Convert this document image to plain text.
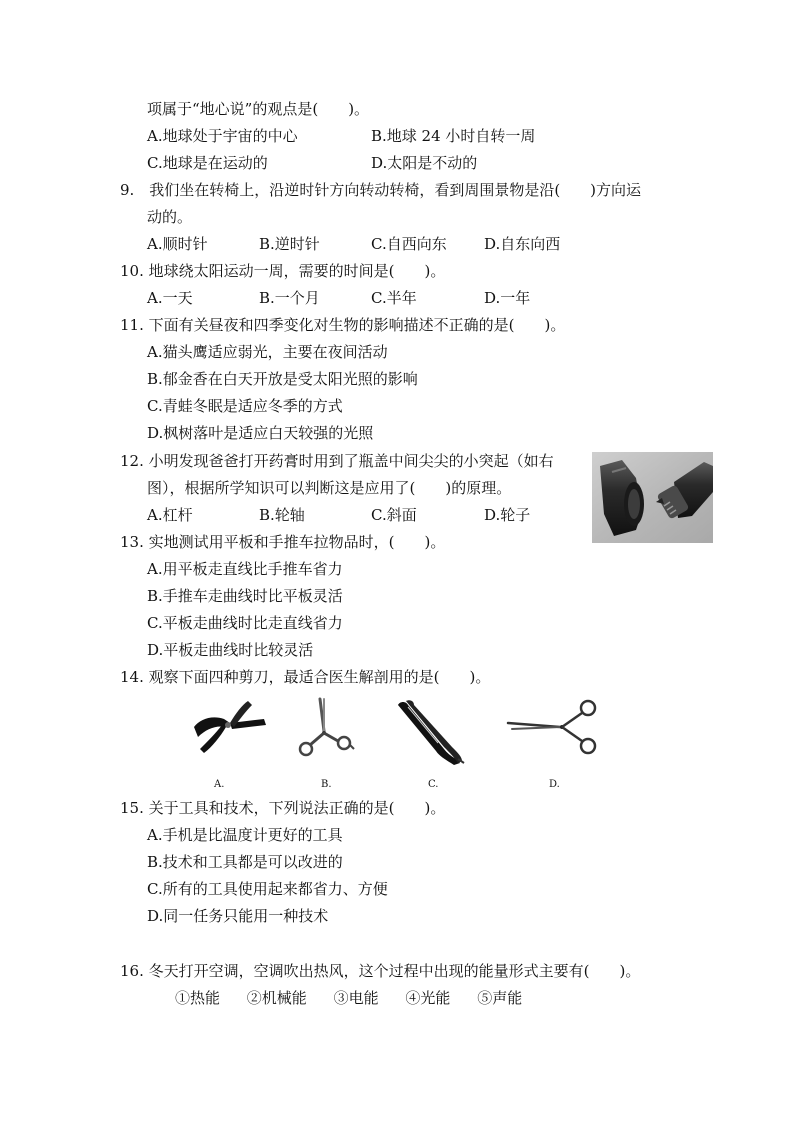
项属于“地心说”的观点是(　　)。
A.地球处于宇宙的中心	B.地球 24 小时自转一周
C.地球是在运动的	D.太阳是不动的
9.　我们坐在转椅上，沿逆时针方向转动转椅，看到周围景物是沿(　　)方向运
动的。
A.顺时针	B.逆时针	C.自西向东 D.自东向西
10. 地球绕太阳运动一周，需要的时间是(　　)。
A.一天	B.一个月	C.半年	D.一年
11. 下面有关昼夜和四季变化对生物的影响描述不正确的是(　　)。
A.猫头鹰适应弱光，主要在夜间活动
B.郁金香在白天开放是受太阳光照的影响
C.青蛙冬眠是适应冬季的方式
D.枫树落叶是适应白天较强的光照
12. 小明发现爸爸打开药膏时用到了瓶盖中间尖尖的小突起（如右
图），根据所学知识可以判断这是应用了(　　)的原理。
A.杠杆	B.轮轴	C.斜面	D.轮子
13. 实地测试用平板和手推车拉物品时，(　　)。
A.用平板走直线比手推车省力
B.手推车走曲线时比平板灵活
C.平板走曲线时比走直线省力
D.平板走曲线时比较灵活
14. 观察下面四种剪刀，最适合医生解剖用的是(　　)。
A.	B.	C.	D.
15. 关于工具和技术，下列说法正确的是(　　)。
A.手机是比温度计更好的工具
B.技术和工具都是可以改进的
C.所有的工具使用起来都省力、方便
D.同一任务只能用一种技术
16. 冬天打开空调，空调吹出热风，这个过程中出现的能量形式主要有(　　)。
①热能 ②机械能 ③电能 ④光能 ⑤声能
